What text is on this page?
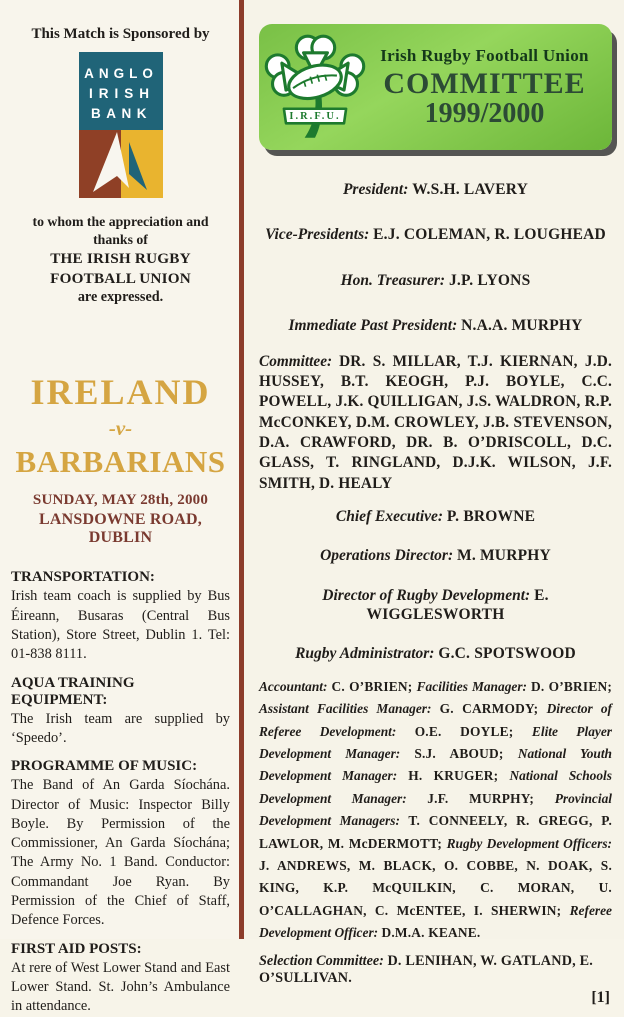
This Match is Sponsored by
ANGLO
IRISH
BANK
to whom the appreciation and thanks of
THE IRISH RUGBY FOOTBALL UNION
are expressed.
IRELAND
-v-
BARBARIANS
SUNDAY, MAY 28th, 2000
LANSDOWNE ROAD, DUBLIN
TRANSPORTATION:

Irish team coach is supplied by Bus Éireann, Busaras (Central Bus Station), Store Street, Dublin 1. Tel: 01-838 8111.

AQUA TRAINING EQUIPMENT:

The Irish team are supplied by ‘Speedo’.

PROGRAMME OF MUSIC:

The Band of An Garda Síochána. Director of Music: Inspector Billy Boyle. By Permission of the Commissioner, An Garda Síochána; The Army No. 1 Band. Conductor: Commandant Joe Ryan. By Permission of the Chief of Staff, Defence Forces.

FIRST AID POSTS:

At rere of West Lower Stand and East Lower Stand. St. John’s Ambulance in attendance.

I.R.F.U.
Irish Rugby Football Union
COMMITTEE
1999/2000
President: W.S.H. LAVERY
Vice-Presidents: E.J. COLEMAN, R. LOUGHEAD
Hon. Treasurer: J.P. LYONS
Immediate Past President: N.A.A. MURPHY

Committee: DR. S. MILLAR, T.J. KIERNAN, J.D. HUSSEY, B.T. KEOGH, P.J. BOYLE, C.C. POWELL, J.K. QUILLIGAN, J.S. WALDRON, R.P. McCONKEY, D.M. CROWLEY, J.B. STEVENSON, D.A. CRAWFORD, DR. B. O’DRISCOLL, D.C. GLASS, T. RINGLAND, D.J.K. WILSON, J.F. SMITH, D. HEALY

Chief Executive: P. BROWNE
Operations Director: M. MURPHY
Director of Rugby Development: E. WIGGLESWORTH
Rugby Administrator: G.C. SPOTSWOOD

Accountant: C. O’BRIEN; Facilities Manager: D. O’BRIEN; Assistant Facilities Manager: G. CARMODY; Director of Referee Development: O.E. DOYLE; Elite Player Development Manager: S.J. ABOUD; National Youth Development Manager: H. KRUGER; National Schools Development Manager: J.F. MURPHY; Provincial Development Managers: T. CONNEELY, R. GREGG, P. LAWLOR, M. McDERMOTT; Rugby Development Officers: J. ANDREWS, M. BLACK, O. COBBE, N. DOAK, S. KING, K.P. McQUILKIN, C. MORAN, U. O’CALLAGHAN, C. McENTEE, I. SHERWIN; Referee Development Officer: D.M.A. KEANE.

Selection Committee: D. LENIHAN, W. GATLAND, E. O’SULLIVAN.
[1]
